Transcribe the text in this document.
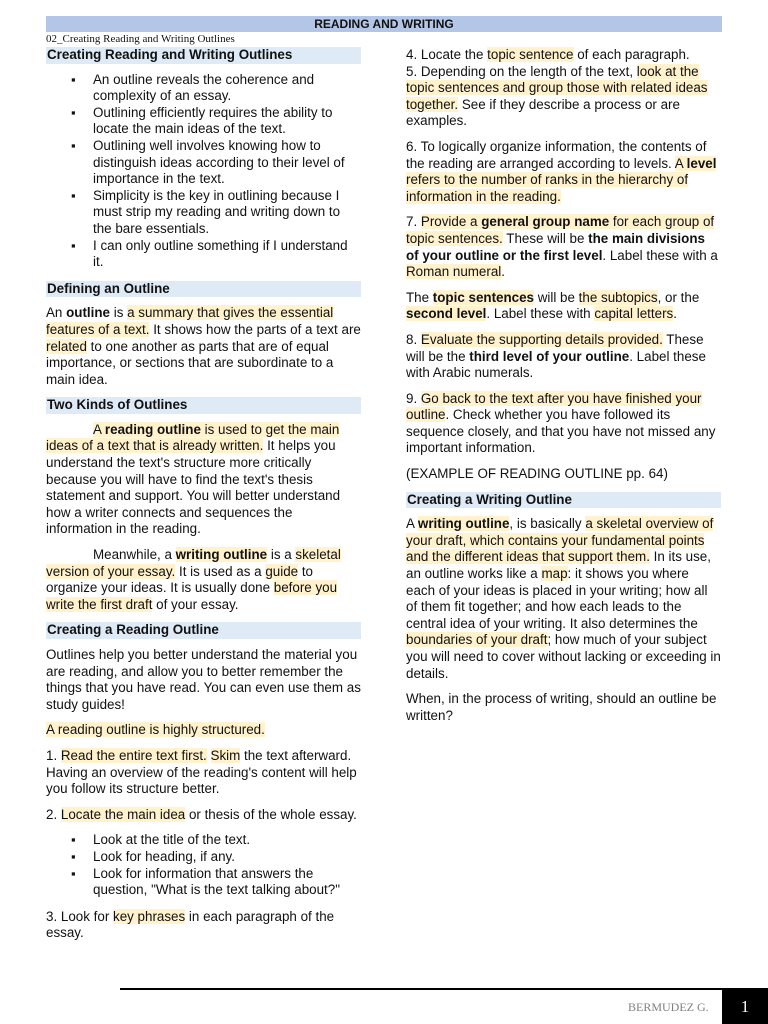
READING AND WRITING
02_Creating Reading and Writing Outlines
Creating Reading and Writing Outlines
▪ An outline reveals the coherence and complexity of an essay.
▪ Outlining efficiently requires the ability to locate the main ideas of the text.
▪ Outlining well involves knowing how to distinguish ideas according to their level of importance in the text.
▪ Simplicity is the key in outlining because I must strip my reading and writing down to the bare essentials.
▪ I can only outline something if I understand it.
Defining an Outline

An outline is a summary that gives the essential features of a text. It shows how the parts of a text are related to one another as parts that are of equal importance, or sections that are subordinate to a main idea.

Two Kinds of Outlines

A reading outline is used to get the main ideas of a text that is already written. It helps you understand the text's structure more critically because you will have to find the text's thesis statement and support. You will better understand how a writer connects and sequences the information in the reading.

Meanwhile, a writing outline is a skeletal version of your essay. It is used as a guide to organize your ideas. It is usually done before you write the first draft of your essay.

Creating a Reading Outline

Outlines help you better understand the material you are reading, and allow you to better remember the things that you have read. You can even use them as study guides!

A reading outline is highly structured.

1. Read the entire text first. Skim the text afterward. Having an overview of the reading's content will help you follow its structure better.

2. Locate the main idea or thesis of the whole essay.

▪ Look at the title of the text.
▪ Look for heading, if any.
▪ Look for information that answers the question, "What is the text talking about?"

3. Look for key phrases in each paragraph of the essay.

4. Locate the topic sentence of each paragraph.
5. Depending on the length of the text, look at the topic sentences and group those with related ideas together. See if they describe a process or are examples.

6. To logically organize information, the contents of the reading are arranged according to levels. A level refers to the number of ranks in the hierarchy of information in the reading.

7. Provide a general group name for each group of topic sentences. These will be the main divisions of your outline or the first level. Label these with a Roman numeral.

The topic sentences will be the subtopics, or the second level. Label these with capital letters.

8. Evaluate the supporting details provided. These will be the third level of your outline. Label these with Arabic numerals.

9. Go back to the text after you have finished your outline. Check whether you have followed its sequence closely, and that you have not missed any important information.

(EXAMPLE OF READING OUTLINE pp. 64)

Creating a Writing Outline

A writing outline, is basically a skeletal overview of your draft, which contains your fundamental points and the different ideas that support them. In its use, an outline works like a map: it shows you where each of your ideas is placed in your writing; how all of them fit together; and how each leads to the central idea of your writing. It also determines the boundaries of your draft; how much of your subject you will need to cover without lacking or exceeding in details.

When, in the process of writing, should an outline be written?

BERMUDEZ G.	1
